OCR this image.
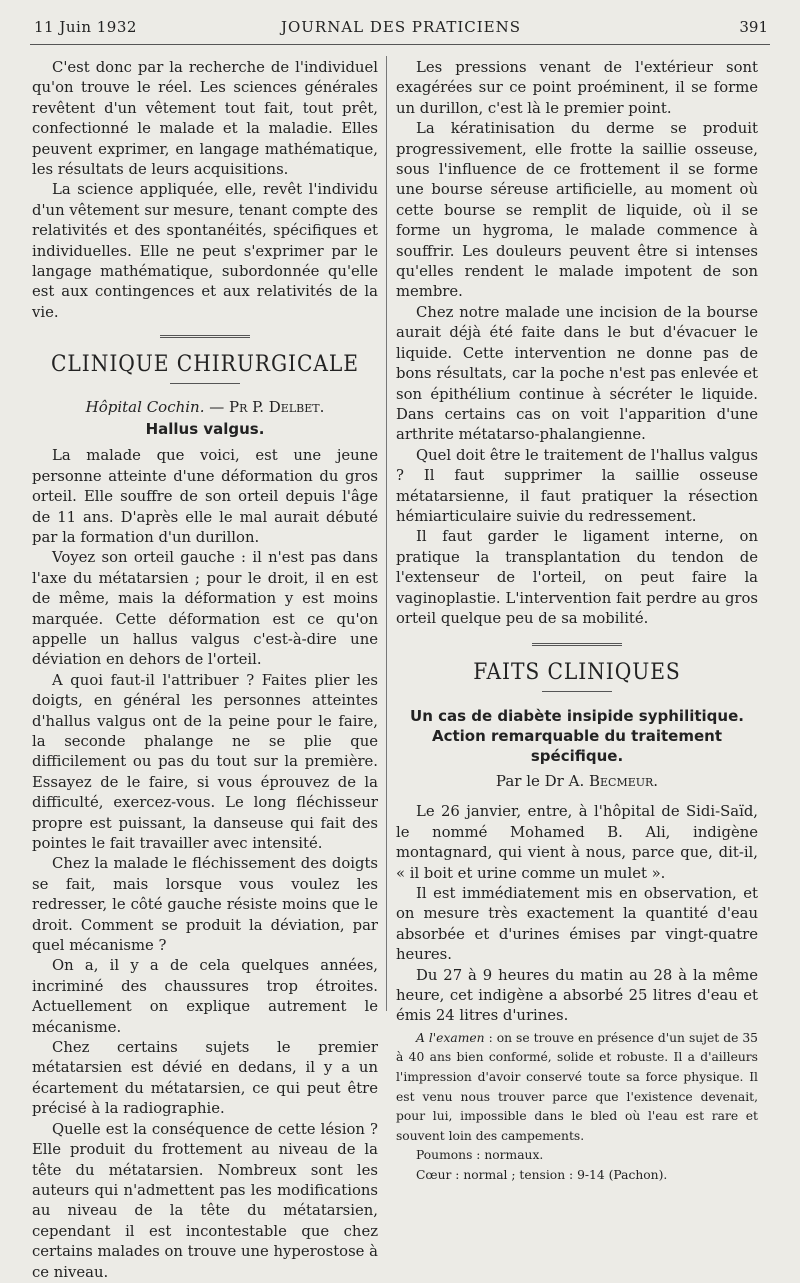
11 Juin 1932	JOURNAL DES PRATICIENS	391

C'est donc par la recherche de l'individuel qu'on trouve le réel. Les sciences générales revêtent d'un vêtement tout fait, tout prêt, confectionné le malade et la maladie. Elles peuvent exprimer, en langage mathématique, les résultats de leurs acquisitions.

La science appliquée, elle, revêt l'individu d'un vêtement sur mesure, tenant compte des relativités et des spontanéités, spécifiques et individuelles. Elle ne peut s'exprimer par le langage mathématique, subordonnée qu'elle est aux contingences et aux relativités de la vie.

CLINIQUE CHIRURGICALE
Hôpital Cochin. — Pr P. Delbet.
Hallus valgus.

La malade que voici, est une jeune personne atteinte d'une déformation du gros orteil. Elle souffre de son orteil depuis l'âge de 11 ans. D'après elle le mal aurait débuté par la formation d'un durillon.

Voyez son orteil gauche : il n'est pas dans l'axe du métatarsien ; pour le droit, il en est de même, mais la déformation y est moins marquée. Cette déformation est ce qu'on appelle un hallus valgus c'est-à-dire une déviation en dehors de l'orteil.

A quoi faut-il l'attribuer ? Faites plier les doigts, en général les personnes atteintes d'hallus valgus ont de la peine pour le faire, la seconde phalange ne se plie que difficilement ou pas du tout sur la première. Essayez de le faire, si vous éprouvez de la difficulté, exercez-vous. Le long fléchisseur propre est puissant, la danseuse qui fait des pointes le fait travailler avec intensité.

Chez la malade le fléchissement des doigts se fait, mais lorsque vous voulez les redresser, le côté gauche résiste moins que le droit. Comment se produit la déviation, par quel mécanisme ?

On a, il y a de cela quelques années, incriminé des chaussures trop étroites. Actuellement on explique autrement le mécanisme.

Chez certains sujets le premier métatarsien est dévié en dedans, il y a un écartement du métatarsien, ce qui peut être précisé à la radiographie.

Quelle est la conséquence de cette lésion ? Elle produit du frottement au niveau de la tête du métatarsien. Nombreux sont les auteurs qui n'admettent pas les modifications au niveau de la tête du métatarsien, cependant il est incontestable que chez certains malades on trouve une hyperostose à ce niveau.

Les pressions venant de l'extérieur sont exagérées sur ce point proéminent, il se forme un durillon, c'est là le premier point.

La kératinisation du derme se produit progressivement, elle frotte la saillie osseuse, sous l'influence de ce frottement il se forme une bourse séreuse artificielle, au moment où cette bourse se remplit de liquide, où il se forme un hygroma, le malade commence à souffrir. Les douleurs peuvent être si intenses qu'elles rendent le malade impotent de son membre.

Chez notre malade une incision de la bourse aurait déjà été faite dans le but d'évacuer le liquide. Cette intervention ne donne pas de bons résultats, car la poche n'est pas enlevée et son épithélium continue à sécréter le liquide. Dans certains cas on voit l'apparition d'une arthrite métatarso-phalangienne.

Quel doit être le traitement de l'hallus valgus ? Il faut supprimer la saillie osseuse métatarsienne, il faut pratiquer la résection hémiarticulaire suivie du redressement.

Il faut garder le ligament interne, on pratique la transplantation du tendon de l'extenseur de l'orteil, on peut faire la vaginoplastie. L'intervention fait perdre au gros orteil quelque peu de sa mobilité.

FAITS CLINIQUES
Un cas de diabète insipide syphilitique.
Action remarquable du traitement spécifique.
Par le Dr A. Becmeur.

Le 26 janvier, entre, à l'hôpital de Sidi-Saïd, le nommé Mohamed B. Ali, indigène montagnard, qui vient à nous, parce que, dit-il, « il boit et urine comme un mulet ».

Il est immédiatement mis en observation, et on mesure très exactement la quantité d'eau absorbée et d'urines émises par vingt-quatre heures.

Du 27 à 9 heures du matin au 28 à la même heure, cet indigène a absorbé 25 litres d'eau et émis 24 litres d'urines.

A l'examen : on se trouve en présence d'un sujet de 35 à 40 ans bien conformé, solide et robuste. Il a d'ailleurs l'impression d'avoir conservé toute sa force physique. Il est venu nous trouver parce que l'existence devenait, pour lui, impossible dans le bled où l'eau est rare et souvent loin des campements.

Poumons : normaux.

Cœur : normal ; tension : 9-14 (Pachon).
